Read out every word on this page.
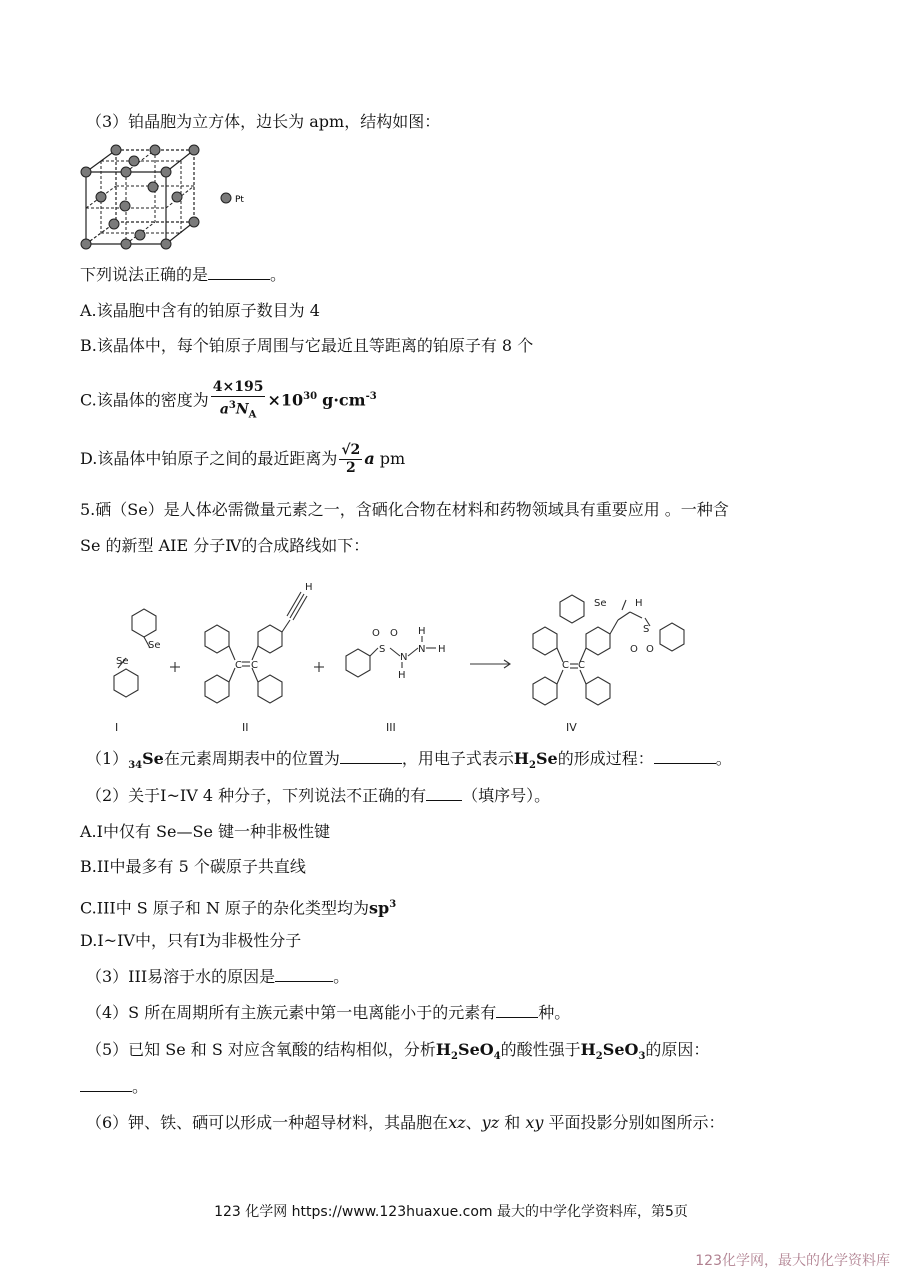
（3）铂晶胞为立方体，边长为 apm，结构如图：
Pt
下列说法正确的是	。
A.该晶胞中含有的铂原子数目为 4
B.该晶体中，每个铂原子周围与它最近且等距离的铂原子有 8 个
C.该晶体的密度为 $\frac{4\times 195}{a^3N_A} \times 10^{30}$ $g\cdot cm^{-3}$
D.该晶体中铂原子之间的最近距离为 $\frac{√2}{2}$ a pm
5.硒（Se）是人体必需微量元素之一，含硒化合物在材料和药物领域具有重要应用 。一种含
Se 的新型 AIE 分子Ⅳ的合成路线如下：
Se
Se
H
C C
O O
S
N
N H
H
H
Se	H
C C
S
O O
I	II	III	IV
$(1)_{34}Se$在元素周期表中的位置为	，用电子式表示$H_2Se$的形成过程：	。
（2）关于I~IV 4 种分子，下列说法不正确的有 （填序号）。
A.I中仅有 Se—Se 键一种非极性键
B.II中最多有 5 个碳原子共直线
C.III中 S 原子和 N 原子的杂化类型均为$sp^3$
D.I~IV中，只有I为非极性分子
（3）III易溶于水的原因是	。
（4）S 所在周期所有主族元素中第一电离能小于的元素有	种。
（5）已知 Se 和 S 对应含氧酸的结构相似，分析$H_2SeO_4$的酸性强于$H_2SeO_3$的原因：
。
（6）钾、铁、硒可以形成一种超导材料，其晶胞在xz、yz 和 xy 平面投影分别如图所示：
123 化学网 https://www.123huaxue.com 最大的中学化学资料库，第5页
123化学网，最大的化学资料库
